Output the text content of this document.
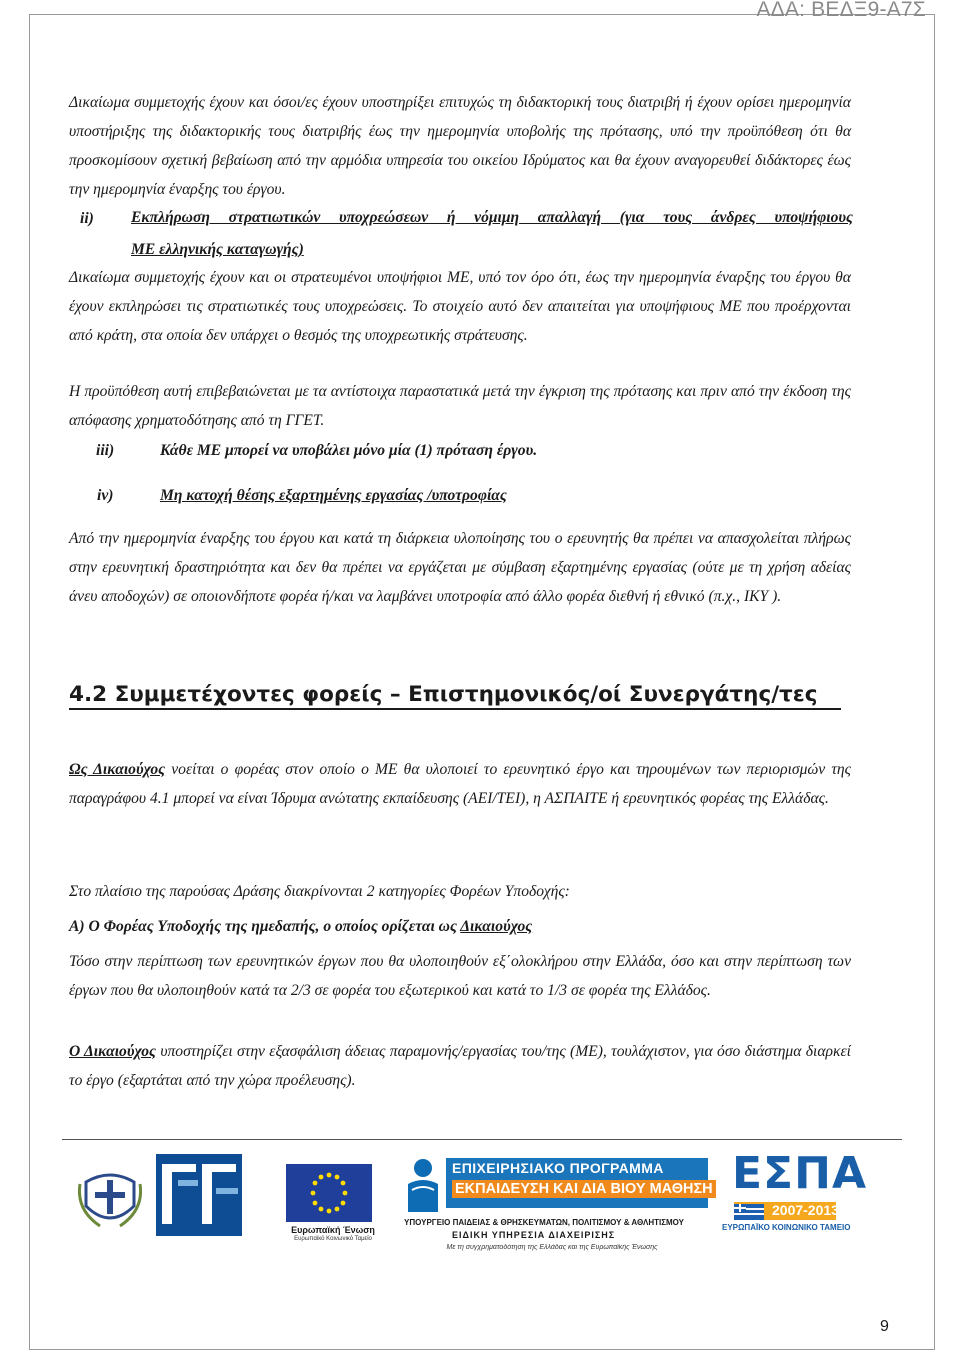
ΑΔΑ: ΒΕΔΞ9-Α7Σ

Δικαίωμα συμμετοχής έχουν και όσοι/ες έχουν υποστηρίξει επιτυχώς τη διδακτορική τους διατριβή ή έχουν ορίσει ημερομηνία υποστήριξης της διδακτορικής τους διατριβής έως την ημερομηνία υποβολής της πρότασης, υπό την προϋπόθεση ότι θα προσκομίσουν σχετική βεβαίωση από την αρμόδια υπηρεσία του οικείου Ιδρύματος και θα έχουν αναγορευθεί διδάκτορες έως την ημερομηνία έναρξης του έργου.

ii) Εκπλήρωση στρατιωτικών υποχρεώσεων ή νόμιμη απαλλαγή (για τους άνδρες υποψήφιους
ΜΕ ελληνικής καταγωγής)

Δικαίωμα συμμετοχής έχουν και οι στρατευμένοι υποψήφιοι ΜΕ, υπό τον όρο ότι, έως την ημερομηνία έναρξης του έργου θα έχουν εκπληρώσει τις στρατιωτικές τους υποχρεώσεις. Το στοιχείο αυτό δεν απαιτείται για υποψήφιους ΜΕ που προέρχονται από κράτη, στα οποία δεν υπάρχει ο θεσμός της υποχρεωτικής στράτευσης.

Η προϋπόθεση αυτή επιβεβαιώνεται με τα αντίστοιχα παραστατικά μετά την έγκριση της πρότασης και πριν από την έκδοση της απόφασης χρηματοδότησης από τη ΓΓΕΤ.

iii)	Κάθε ΜΕ μπορεί να υποβάλει μόνο μία (1) πρόταση έργου.
iv)	Μη κατοχή θέσης εξαρτημένης εργασίας /υποτροφίας

Από την ημερομηνία έναρξης του έργου και κατά τη διάρκεια υλοποίησης του ο ερευνητής θα πρέπει να απασχολείται πλήρως στην ερευνητική δραστηριότητα και δεν θα πρέπει να εργάζεται με σύμβαση εξαρτημένης εργασίας (ούτε με τη χρήση αδείας άνευ αποδοχών) σε οποιονδήποτε φορέα ή/και να λαμβάνει υποτροφία από άλλο φορέα διεθνή ή εθνικό (π.χ., ΙΚΥ ).

4.2 Συμμετέχοντες φορείς – Επιστημονικός/οί Συνεργάτης/τες

Ως Δικαιούχος νοείται ο φορέας στον οποίο ο ΜΕ θα υλοποιεί το ερευνητικό έργο και τηρουμένων των περιορισμών της παραγράφου 4.1 μπορεί να είναι Ίδρυμα ανώτατης εκπαίδευσης (ΑΕΙ/ΤΕΙ), η ΑΣΠΑΙΤΕ ή ερευνητικός φορέας της Ελλάδας.

Στο πλαίσιο της παρούσας Δράσης διακρίνονται 2 κατηγορίες Φορέων Υποδοχής:

Α) Ο Φορέας Υποδοχής της ημεδαπής, ο οποίος ορίζεται ως Δικαιούχος

Τόσο στην περίπτωση των ερευνητικών έργων που θα υλοποιηθούν εξ΄ολοκλήρου στην Ελλάδα, όσο και στην περίπτωση των έργων που θα υλοποιηθούν κατά τα 2/3 σε φορέα του εξωτερικού και κατά το 1/3 σε φορέα της Ελλάδος.

Ο Δικαιούχος υποστηρίζει στην εξασφάλιση άδειας παραμονής/εργασίας του/της (ΜΕ), τουλάχιστον, για όσο διάστημα διαρκεί το έργο (εξαρτάται από την χώρα προέλευσης).

ΓΓΕΤ	Ευρωπαϊκή Ένωση
Ευρωπαϊκό Κοινωνικό Ταμείο
ΕΠΙΧΕΙΡΗΣΙΑΚΟ ΠΡΟΓΡΑΜΜΑ
ΕΚΠΑΙΔΕΥΣΗ ΚΑΙ ΔΙΑ ΒΙΟΥ ΜΑΘΗΣΗ
ΥΠΟΥΡΓΕΙΟ ΠΑΙΔΕΙΑΣ & ΘΡΗΣΚΕΥΜΑΤΩΝ, ΠΟΛΙΤΙΣΜΟΥ & ΑΘΛΗΤΙΣΜΟΥ
ΕΙΔΙΚΗ ΥΠΗΡΕΣΙΑ ΔΙΑΧΕΙΡΙΣΗΣ
ΕΣΠΑ
2007-2013
ΕΥΡΩΠΑΪΚΟ ΚΟΙΝΩΝΙΚΟ ΤΑΜΕΙΟ
Με τη συγχρηματοδότηση της Ελλάδας και της Ευρωπαϊκής Ένωσης
9
